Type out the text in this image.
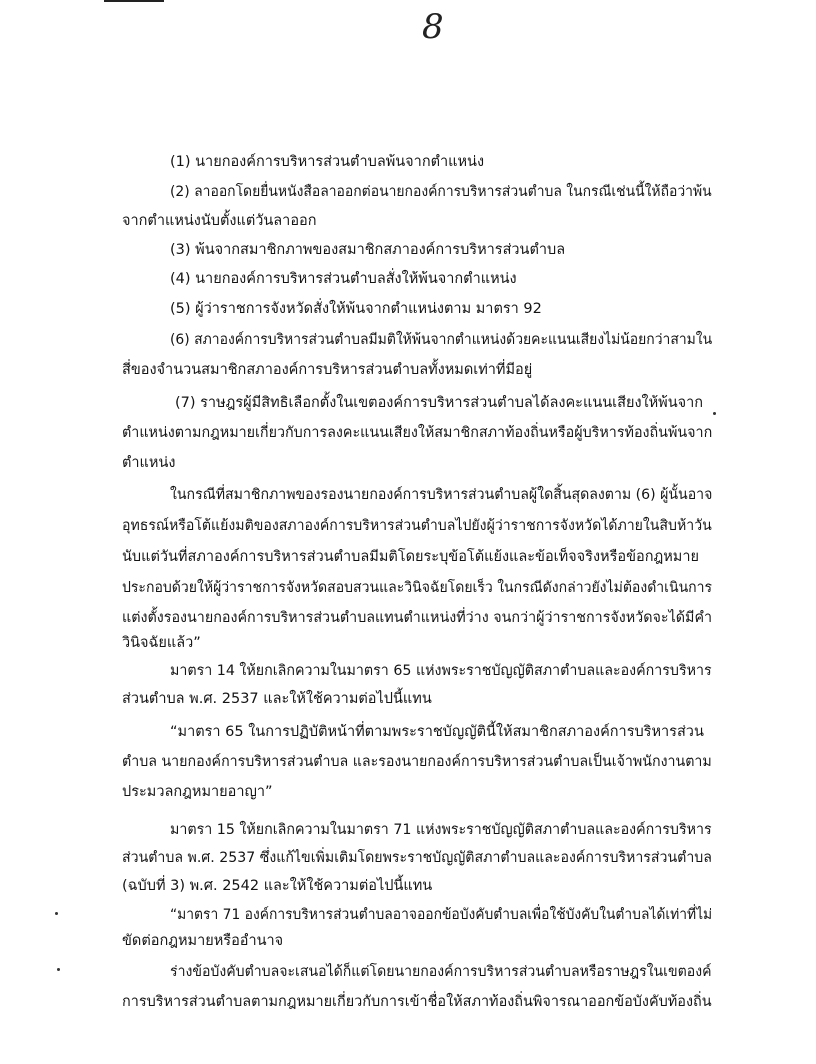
8
(1) นายกองค์การบริหารส่วนตำบลพ้นจากตำแหน่ง
(2) ลาออกโดยยื่นหนังสือลาออกต่อนายกองค์การบริหารส่วนตำบล ในกรณีเช่นนี้ให้ถือว่าพ้น
จากตำแหน่งนับตั้งแต่วันลาออก
(3) พ้นจากสมาชิกภาพของสมาชิกสภาองค์การบริหารส่วนตำบล
(4) นายกองค์การบริหารส่วนตำบลสั่งให้พ้นจากตำแหน่ง
(5) ผู้ว่าราชการจังหวัดสั่งให้พ้นจากตำแหน่งตาม มาตรา 92
(6) สภาองค์การบริหารส่วนตำบลมีมติให้พ้นจากตำแหน่งด้วยคะแนนเสียงไม่น้อยกว่าสามใน
สี่ของจำนวนสมาชิกสภาองค์การบริหารส่วนตำบลทั้งหมดเท่าที่มีอยู่
(7) ราษฎรผู้มีสิทธิเลือกตั้งในเขตองค์การบริหารส่วนตำบลได้ลงคะแนนเสียงให้พ้นจาก
ตำแหน่งตามกฎหมายเกี่ยวกับการลงคะแนนเสียงให้สมาชิกสภาท้องถิ่นหรือผู้บริหารท้องถิ่นพ้นจาก
ตำแหน่ง
ในกรณีที่สมาชิกภาพของรองนายกองค์การบริหารส่วนตำบลผู้ใดสิ้นสุดลงตาม (6) ผู้นั้นอาจ
อุทธรณ์หรือโต้แย้งมติของสภาองค์การบริหารส่วนตำบลไปยังผู้ว่าราชการจังหวัดได้ภายในสิบห้าวัน
นับแต่วันที่สภาองค์การบริหารส่วนตำบลมีมติโดยระบุข้อโต้แย้งและข้อเท็จจริงหรือข้อกฎหมาย
ประกอบด้วยให้ผู้ว่าราชการจังหวัดสอบสวนและวินิจฉัยโดยเร็ว ในกรณีดังกล่าวยังไม่ต้องดำเนินการ
แต่งตั้งรองนายกองค์การบริหารส่วนตำบลแทนตำแหน่งที่ว่าง จนกว่าผู้ว่าราชการจังหวัดจะได้มีคำ
วินิจฉัยแล้ว”
มาตรา 14 ให้ยกเลิกความในมาตรา 65 แห่งพระราชบัญญัติสภาตำบลและองค์การบริหาร
ส่วนตำบล พ.ศ. 2537 และให้ใช้ความต่อไปนี้แทน
“มาตรา 65 ในการปฏิบัติหน้าที่ตามพระราชบัญญัตินี้ให้สมาชิกสภาองค์การบริหารส่วน
ตำบล นายกองค์การบริหารส่วนตำบล และรองนายกองค์การบริหารส่วนตำบลเป็นเจ้าพนักงานตาม
ประมวลกฎหมายอาญา”
มาตรา 15 ให้ยกเลิกความในมาตรา 71 แห่งพระราชบัญญัติสภาตำบลและองค์การบริหาร
ส่วนตำบล พ.ศ. 2537 ซึ่งแก้ไขเพิ่มเติมโดยพระราชบัญญัติสภาตำบลและองค์การบริหารส่วนตำบล
(ฉบับที่ 3) พ.ศ. 2542 และให้ใช้ความต่อไปนี้แทน
“มาตรา 71 องค์การบริหารส่วนตำบลอาจออกข้อบังคับตำบลเพื่อใช้บังคับในตำบลได้เท่าที่ไม่
ขัดต่อกฎหมายหรืออำนาจ
ร่างข้อบังคับตำบลจะเสนอได้ก็แต่โดยนายกองค์การบริหารส่วนตำบลหรือราษฎรในเขตองค์
การบริหารส่วนตำบลตามกฎหมายเกี่ยวกับการเข้าชื่อให้สภาท้องถิ่นพิจารณาออกข้อบังคับท้องถิ่น
